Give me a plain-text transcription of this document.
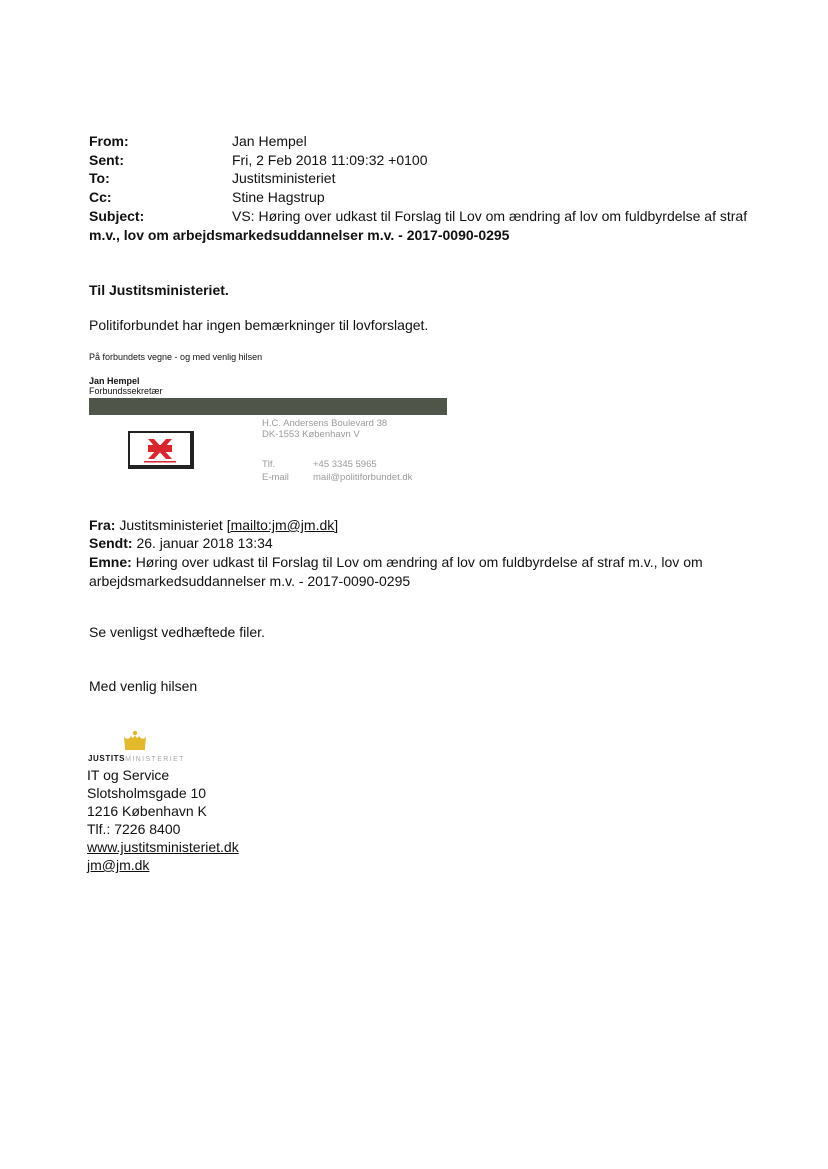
From:	Jan Hempel
Sent:	Fri, 2 Feb 2018 11:09:32 +0100
To:	Justitsministeriet
Cc:	Stine Hagstrup
Subject:	VS: Høring over udkast til Forslag til Lov om ændring af lov om fuldbyrdelse af straf
m.v., lov om arbejdsmarkedsuddannelser m.v. - 2017-0090-0295
Til Justitsministeriet.
Politiforbundet har ingen bemærkninger til lovforslaget.
På forbundets vegne - og med venlig hilsen
Jan Hempel
Forbundssekretær
H.C. Andersens Boulevard 38
DK-1553 København V
Tlf.	+45 3345 5965
E-mail	mail@politiforbundet.dk
Fra: Justitsministeriet [mailto:jm@jm.dk]
Sendt: 26. januar 2018 13:34
Emne: Høring over udkast til Forslag til Lov om ændring af lov om fuldbyrdelse af straf m.v., lov om
arbejdsmarkedsuddannelser m.v. - 2017-0090-0295
Se venligst vedhæftede filer.
Med venlig hilsen
JUSTITSMINISTERIET
IT og Service
Slotsholmsgade 10
1216 København K
Tlf.: 7226 8400
www.justitsministeriet.dk
jm@jm.dk
